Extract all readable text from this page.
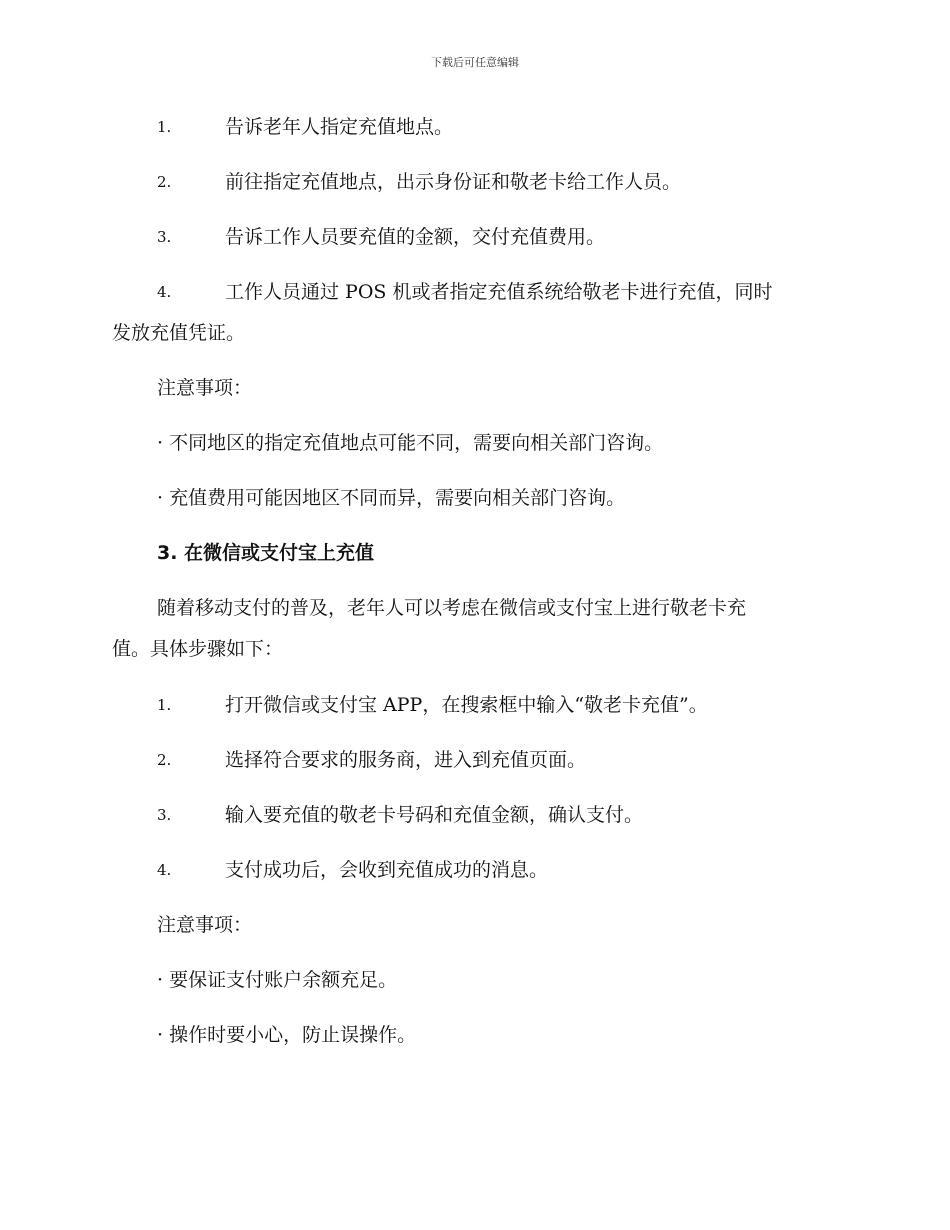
下载后可任意编辑
1.	告诉老年人指定充值地点。
2.	前往指定充值地点，出示身份证和敬老卡给工作人员。
3.	告诉工作人员要充值的金额，交付充值费用。
4.	工作人员通过 POS 机或者指定充值系统给敬老卡进行充值，同时
发放充值凭证。
注意事项：
· 不同地区的指定充值地点可能不同，需要向相关部门咨询。
· 充值费用可能因地区不同而异，需要向相关部门咨询。
3. 在微信或支付宝上充值
随着移动支付的普及，老年人可以考虑在微信或支付宝上进行敬老卡充
值。具体步骤如下：
1.	打开微信或支付宝 APP，在搜索框中输入“敬老卡充值”。
2.	选择符合要求的服务商，进入到充值页面。
3.	输入要充值的敬老卡号码和充值金额，确认支付。
4.	支付成功后，会收到充值成功的消息。
注意事项：
· 要保证支付账户余额充足。
· 操作时要小心，防止误操作。
